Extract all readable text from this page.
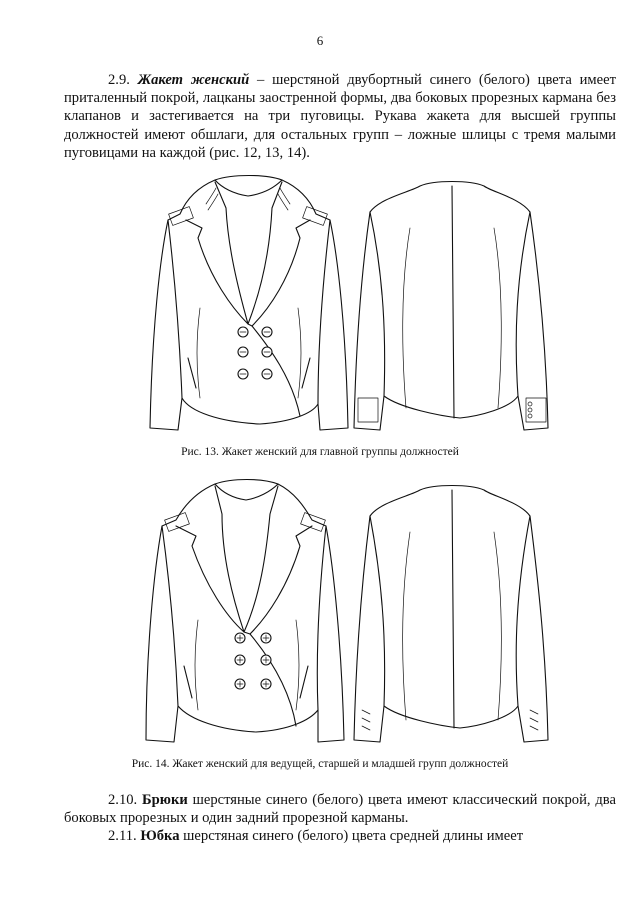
6

2.9. Жакет женский – шерстяной двубортный синего (белого) цвета имеет приталенный покрой, лацканы заостренной формы, два боковых прорезных кармана без клапанов и застегивается на три пуговицы. Рукава жакета для высшей группы должностей имеют обшлаги, для остальных групп – ложные шлицы с тремя малыми пуговицами на каждой (рис. 12, 13, 14).

Рис. 13. Жакет женский для главной группы должностей
Рис. 14. Жакет женский для ведущей, старшей и младшей групп должностей

2.10. Брюки шерстяные синего (белого) цвета имеют классический покрой, два боковых прорезных и один задний прорезной карманы.

2.11. Юбка шерстяная синего (белого) цвета средней длины имеет
